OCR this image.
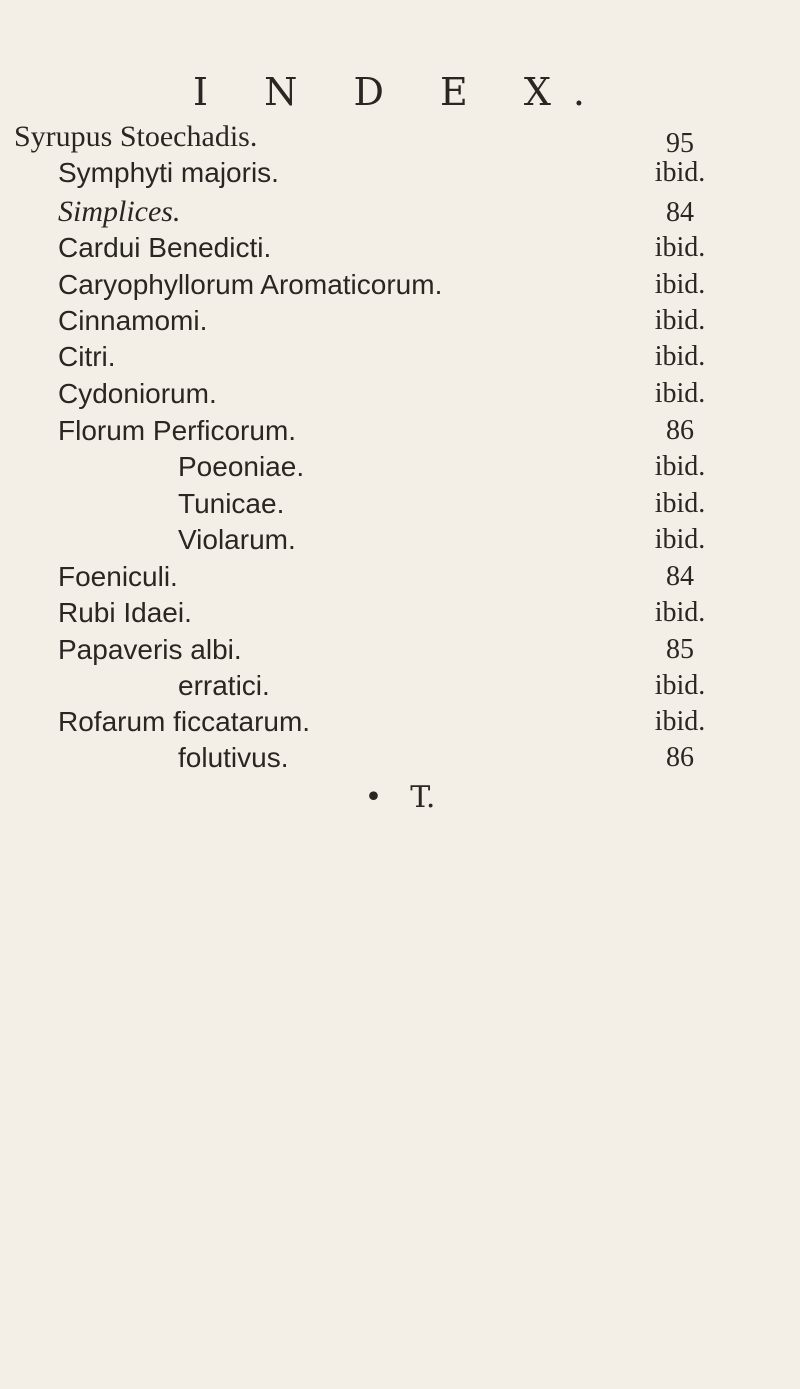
I N D E X.
Syrupus Stoechadis.	95
Symphyti majoris.	ibid.
Simplices.	84
Cardui Benedicti.	ibid.
Caryophyllorum Aromaticorum.	ibid.
Cinnamomi.	ibid.
Citri.	ibid.
Cydoniorum.	ibid.
Florum Perficorum.	86
Poeoniae.	ibid.
Tunicae.	ibid.
Violarum.	ibid.
Foeniculi.	84
Rubi Idaei.	ibid.
Papaveris albi.	85
erratici.	ibid.
Rofarum ficcatarum.	ibid.
folutivus.	86
• T.
